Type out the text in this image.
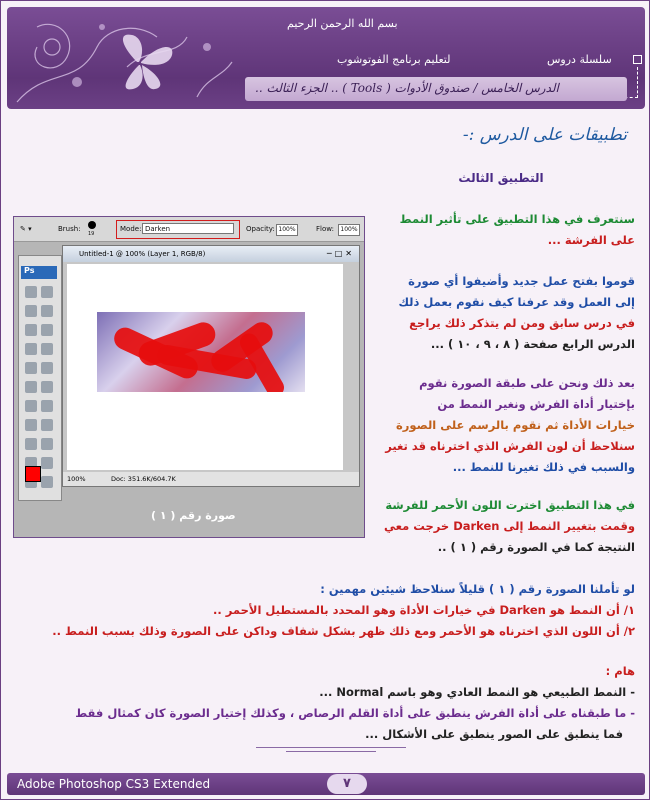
بسم الله الرحمن الرحيم
لتعليم برنامج الفوتوشوب	سلسلة دروس
الدرس الخامس / صندوق الأدوات ( Tools ) .. الجزء الثالث ..
تطبيقات على الدرس :-
التطبيق الثالث
سنتعرف في هذا التطبيق على تأثير النمط
على الفرشة ...
قوموا بفتح عمل جديد وأضيفوا أي صورة
إلى العمل وقد عرفنا كيف نقوم بعمل ذلك
في درس سابق ومن لم يتذكر ذلك يراجع
الدرس الرابع صفحة ( ٨ ، ٩ ، ١٠ ) ...
بعد ذلك ونحن على طبقة الصورة نقوم
بإختيار أداة الفرش ونغير النمط من
خيارات الأداة ثم نقوم بالرسم على الصورة
سنلاحظ أن لون الفرش الذي اخترناه قد تغير
والسبب في ذلك تغيرنا للنمط ...
في هذا التطبيق اخترت اللون الأحمر للفرشة
وقمت بتغيير النمط إلى Darken خرجت معي
النتيجة كما في الصورة رقم ( ١ ) ..
✎ ▾	Brush:
19
Mode: Darken	Opacity: 100%	Flow:	100%
Ps

Untitled-1 @ 100% (Layer 1, RGB/8)	─□✕
100%	Doc: 351.6K/604.7K
صورة رقم ( ١ )
لو تأملنا الصورة رقم ( ١ ) قليلاً سنلاحظ شيئين مهمين :
١/ أن النمط هو Darken في خيارات الأداة وهو المحدد بالمستطيل الأحمر ..
٢/ أن اللون الذي اخترناه هو الأحمر ومع ذلك ظهر بشكل شفاف وداكن على الصورة وذلك بسبب النمط ..
هام :
- النمط الطبيعي هو النمط العادي وهو باسم Normal ...
- ما طبقناه على أداة الفرش ينطبق على أداة القلم الرصاص ، وكذلك إختيار الصورة كان كمثال فقط
فما ينطبق على الصور ينطبق على الأشكال ...
Adobe Photoshop CS3 Extended	٧
